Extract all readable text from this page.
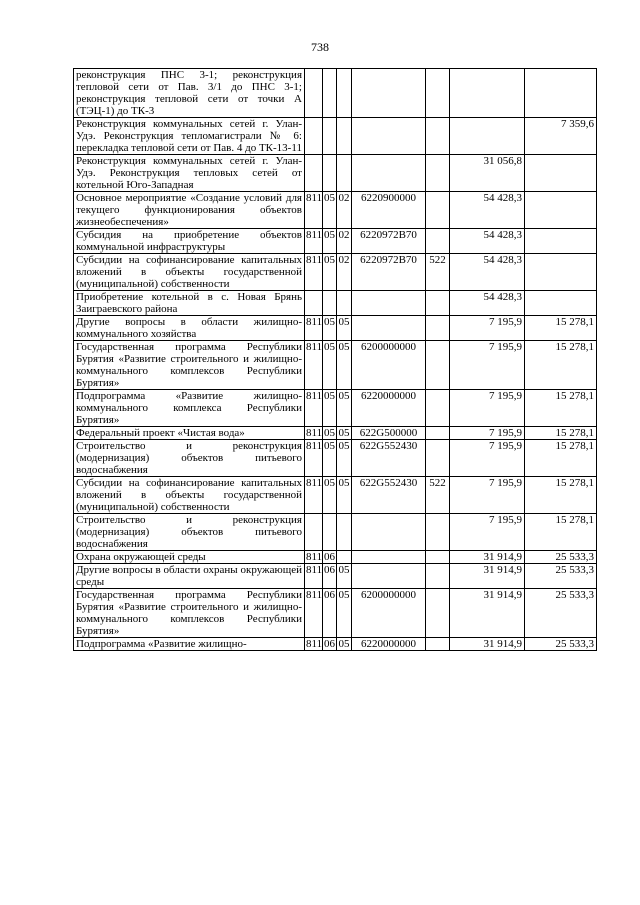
738
реконструкция ПНС 3-1; реконструкция тепловой сети от Пав. 3/1 до ПНС 3-1; реконструкция тепловой сети от точки А (ТЭЦ-1) до ТК-3							
Реконструкция коммунальных сетей г. Улан-Удэ. Реконструкция тепломагистрали № 6: перекладка тепловой сети от Пав. 4 до ТК-13-11							7 359,6
Реконструкция коммунальных сетей г. Улан-Удэ. Реконструкция тепловых сетей от котельной Юго-Западная						31 056,8	
Основное мероприятие «Создание условий для текущего функционирования объектов жизнеобеспечения»	811	05	02	6220900000		54 428,3	
Субсидия на приобретение объектов коммунальной инфраструктуры	811	05	02	6220972В70		54 428,3	
Субсидии на софинансирование капитальных вложений в объекты государственной (муниципальной) собственности	811	05	02	6220972В70	522	54 428,3	
Приобретение котельной в с. Новая Брянь Заиграевского района						54 428,3	
Другие вопросы в области жилищно-коммунального хозяйства	811	05	05			7 195,9	15 278,1
Государственная программа Республики Бурятия «Развитие строительного и жилищно-коммунального комплексов Республики Бурятия»	811	05	05	6200000000		7 195,9	15 278,1
Подпрограмма «Развитие жилищно-коммунального комплекса Республики Бурятия»	811	05	05	6220000000		7 195,9	15 278,1
Федеральный проект «Чистая вода»	811	05	05	622G500000		7 195,9	15 278,1
Строительство и реконструкция (модернизация) объектов питьевого водоснабжения	811	05	05	622G552430		7 195,9	15 278,1
Субсидии на софинансирование капитальных вложений в объекты государственной (муниципальной) собственности	811	05	05	622G552430	522	7 195,9	15 278,1
Строительство и реконструкция (модернизация) объектов питьевого водоснабжения						7 195,9	15 278,1
Охрана окружающей среды	811	06				31 914,9	25 533,3
Другие вопросы в области охраны окружающей среды	811	06	05			31 914,9	25 533,3
Государственная программа Республики Бурятия «Развитие строительного и жилищно-коммунального комплексов Республики Бурятия»	811	06	05	6200000000		31 914,9	25 533,3
Подпрограмма «Развитие жилищно-	811	06	05	6220000000		31 914,9	25 533,3
